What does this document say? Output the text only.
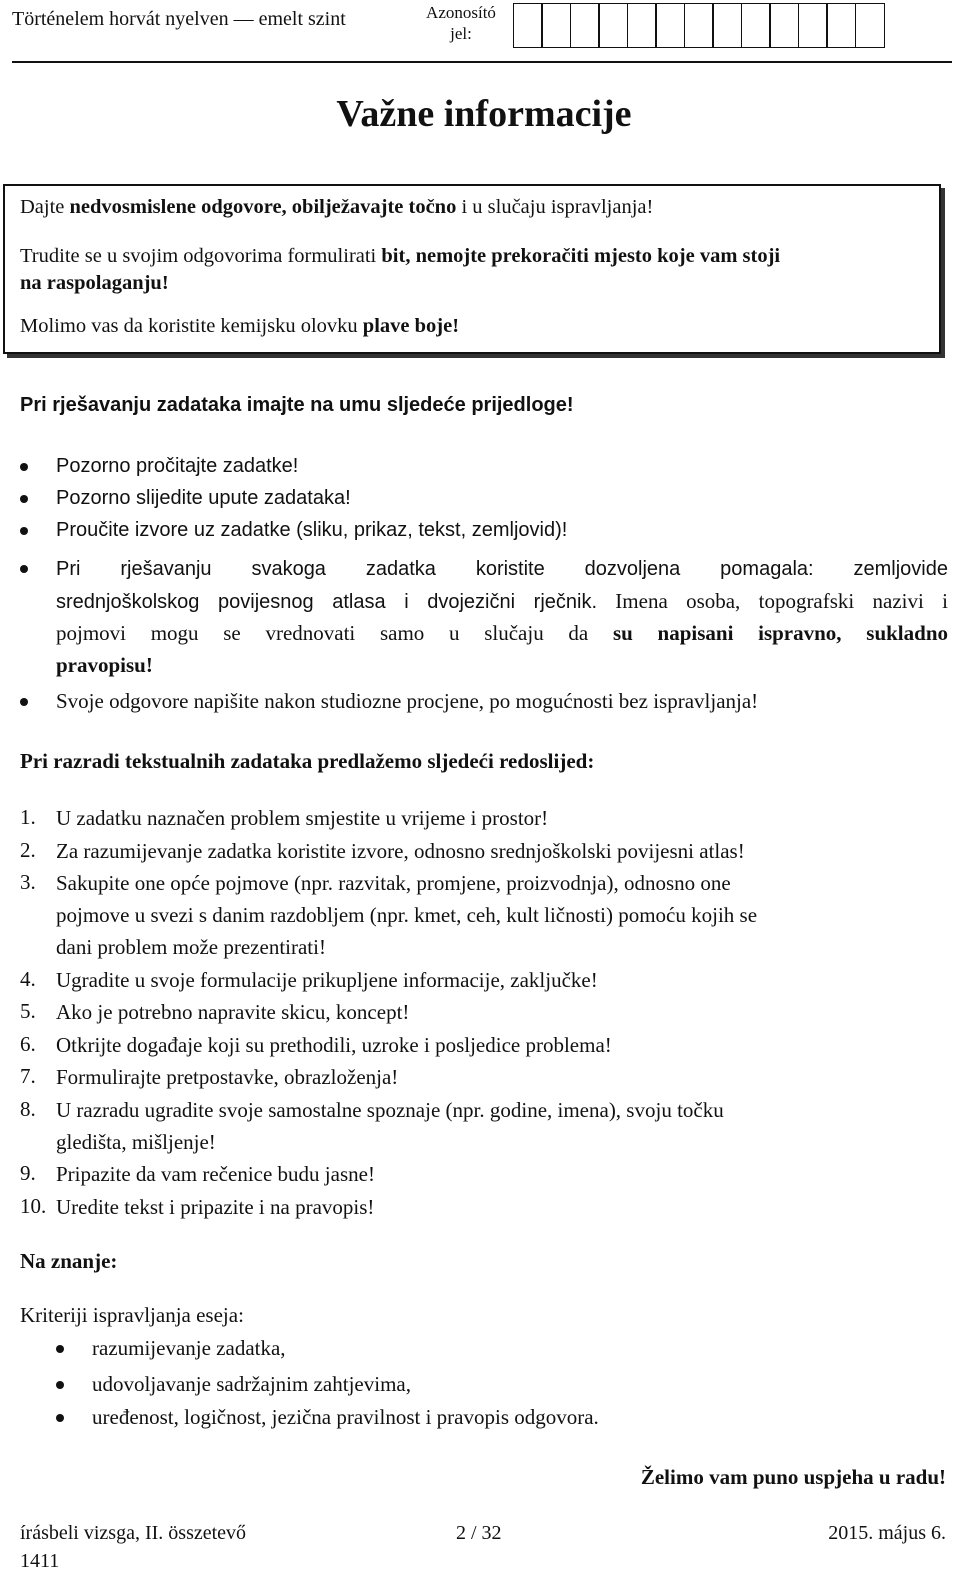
Történelem horvát nyelven — emelt szint	Azonosító
jel:
Važne informacije
Dajte nedvosmislene odgovore, obilježavajte točno i u slučaju ispravljanja!
Trudite se u svojim odgovorima formulirati bit, nemojte prekoračiti mjesto koje vam stoji
na raspolaganju!
Molimo vas da koristite kemijsku olovku plave boje!
Pri rješavanju zadataka imajte na umu sljedeće prijedloge!
Pozorno pročitajte zadatke!
Pozorno slijedite upute zadataka!
Proučite izvore uz zadatke (sliku, prikaz, tekst, zemljovid)!
Pri rješavanju svakoga zadatka koristite dozvoljena pomagala: zemljovide
srednjoškolskog povijesnog atlasa i dvojezični rječnik. Imena osoba, topografski nazivi i
pojmovi mogu se vrednovati samo u slučaju da su napisani ispravno, sukladno
pravopisu!
Svoje odgovore napišite nakon studiozne procjene, po mogućnosti bez ispravljanja!
Pri razradi tekstualnih zadataka predlažemo sljedeći redoslijed:
1. U zadatku naznačen problem smjestite u vrijeme i prostor!
2. Za razumijevanje zadatka koristite izvore, odnosno srednjoškolski povijesni atlas!
3. Sakupite one opće pojmove (npr. razvitak, promjene, proizvodnja), odnosno one
pojmove u svezi s danim razdobljem (npr. kmet, ceh, kult ličnosti) pomoću kojih se
dani problem može prezentirati!
4. Ugradite u svoje formulacije prikupljene informacije, zaključke!
5. Ako je potrebno napravite skicu, koncept!
6. Otkrijte događaje koji su prethodili, uzroke i posljedice problema!
7. Formulirajte pretpostavke, obrazloženja!
8. U razradu ugradite svoje samostalne spoznaje (npr. godine, imena), svoju točku
gledišta, mišljenje!
9. Pripazite da vam rečenice budu jasne!
10. Uredite tekst i pripazite i na pravopis!
Na znanje:
Kriteriji ispravljanja eseja:
razumijevanje zadatka,
udovoljavanje sadržajnim zahtjevima,
uređenost, logičnost, jezična pravilnost i pravopis odgovora.
Želimo vam puno uspjeha u radu!
írásbeli vizsga, II. összetevő
1411
2 / 32	2015. május 6.
